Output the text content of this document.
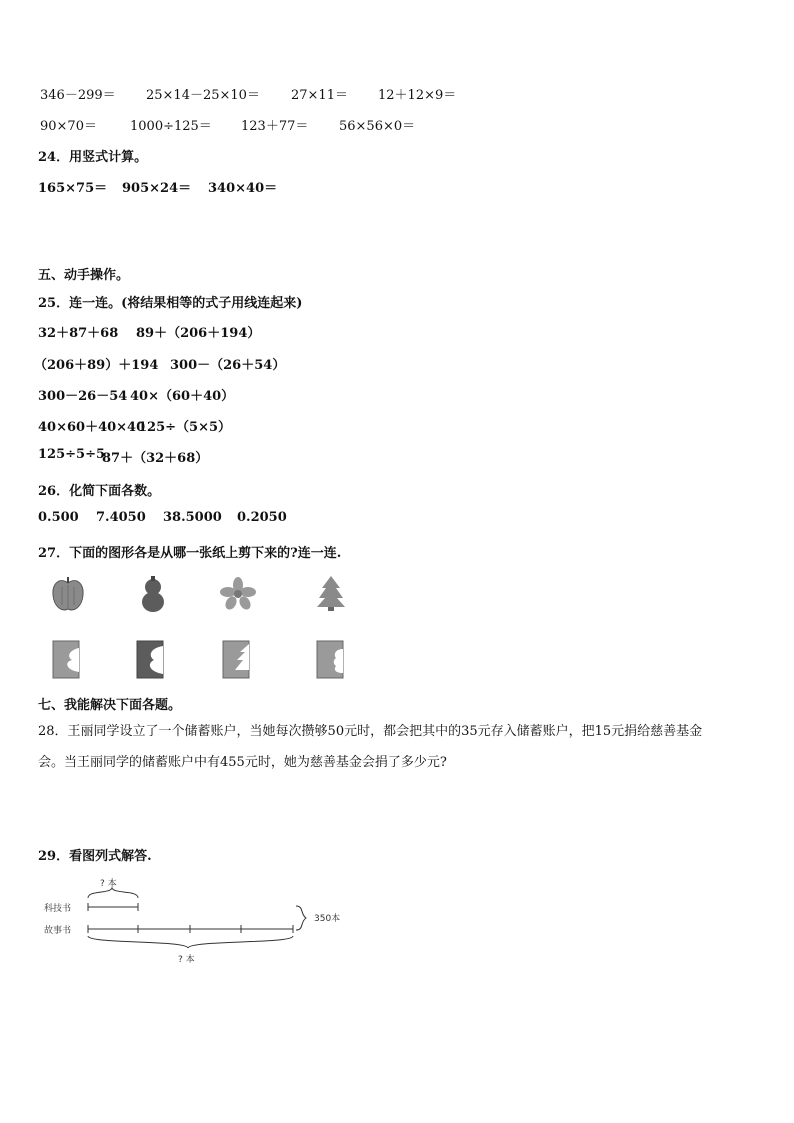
346－299＝ 25×14－25×10＝ 27×11＝ 12＋12×9＝
90×70＝	1000÷125＝ 123＋77＝ 56×56×0＝
24．用竖式计算。
165×75＝ 905×24＝ 340×40＝
五、动手操作。
25．连一连。(将结果相等的式子用线连起来)
32＋87＋68 89＋（206＋194）
（206＋89）＋194 300－（26＋54）
300－26－54 40×（60＋40）
40×60＋40×40
125÷（5×5）
125÷5÷5
87＋（32＋68）
26．化简下面各数。
0.500 7.4050 38.5000 0.2050
27．下面的图形各是从哪一张纸上剪下来的?连一连.
七、我能解决下面各题。
28．王丽同学设立了一个储蓄账户，当她每次攒够50元时，都会把其中的35元存入储蓄账户，把15元捐给慈善基金
会。当王丽同学的储蓄账户中有455元时，她为慈善基金会捐了多少元?
29．看图列式解答.
? 本
科技书
350本
故事书
? 本
